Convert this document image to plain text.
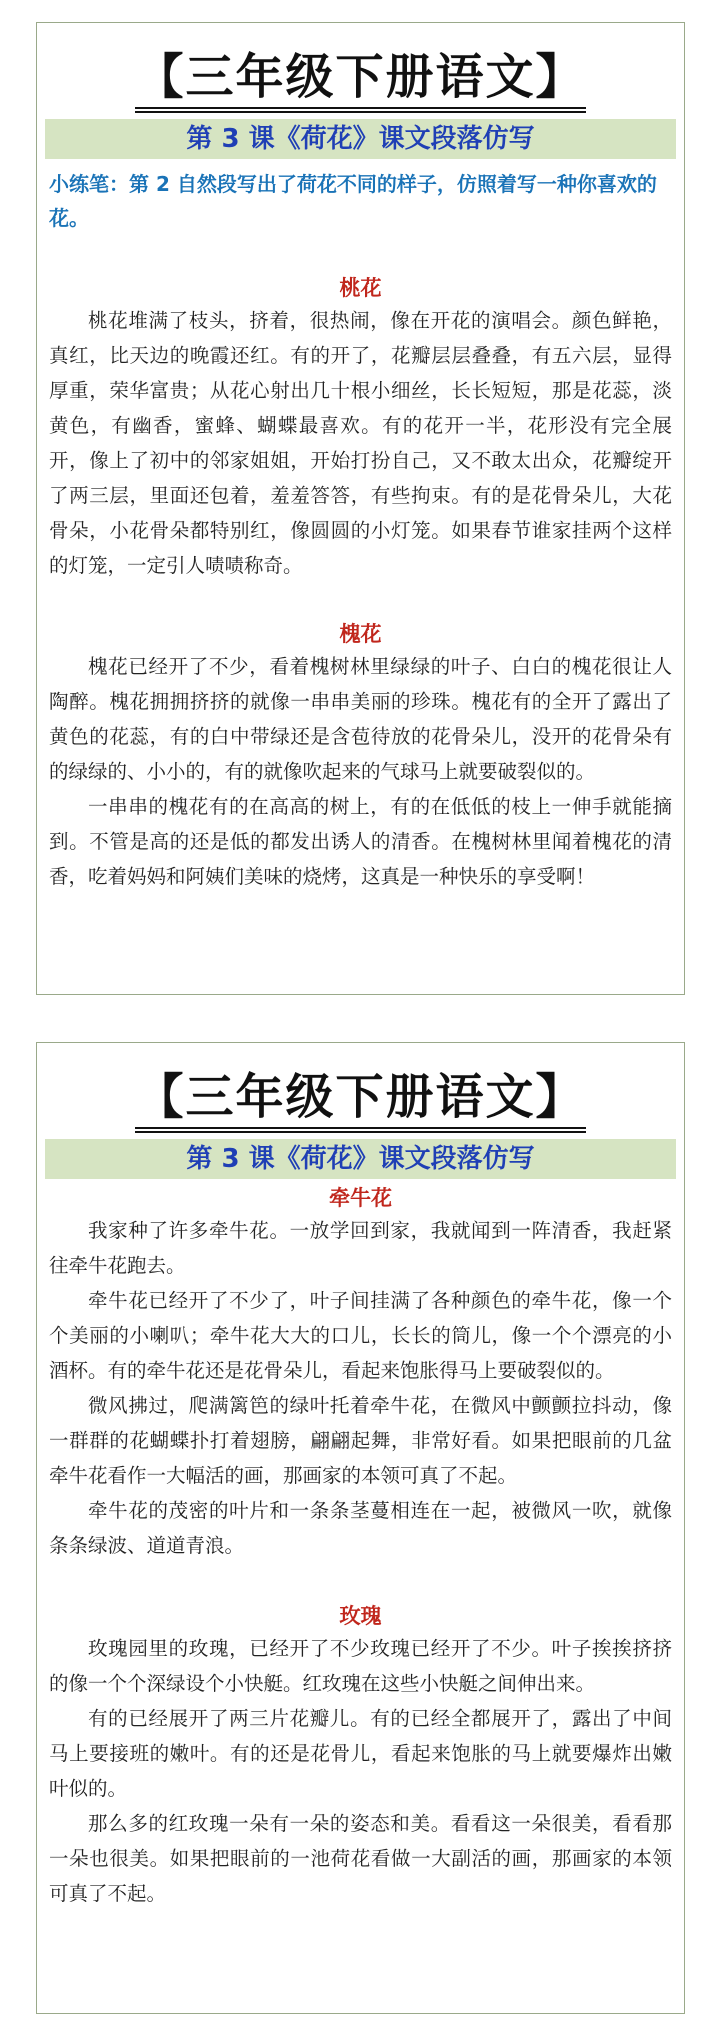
【三年级下册语文】
第 3 课《荷花》课文段落仿写
小练笔：第 2 自然段写出了荷花不同的样子，仿照着写一种你喜欢的花。
桃花
桃花堆满了枝头，挤着，很热闹，像在开花的演唱会。颜色鲜艳，真红，比天边的晚霞还红。有的开了，花瓣层层叠叠，有五六层，显得厚重，荣华富贵；从花心射出几十根小细丝，长长短短，那是花蕊，淡黄色，有幽香，蜜蜂、蝴蝶最喜欢。有的花开一半，花形没有完全展开，像上了初中的邻家姐姐，开始打扮自己，又不敢太出众，花瓣绽开了两三层，里面还包着，羞羞答答，有些拘束。有的是花骨朵儿，大花骨朵，小花骨朵都特别红，像圆圆的小灯笼。如果春节谁家挂两个这样的灯笼，一定引人啧啧称奇。
槐花
槐花已经开了不少，看着槐树林里绿绿的叶子、白白的槐花很让人陶醉。槐花拥拥挤挤的就像一串串美丽的珍珠。槐花有的全开了露出了黄色的花蕊，有的白中带绿还是含苞待放的花骨朵儿，没开的花骨朵有的绿绿的、小小的，有的就像吹起来的气球马上就要破裂似的。
一串串的槐花有的在高高的树上，有的在低低的枝上一伸手就能摘到。不管是高的还是低的都发出诱人的清香。在槐树林里闻着槐花的清香，吃着妈妈和阿姨们美味的烧烤，这真是一种快乐的享受啊！
【三年级下册语文】
第 3 课《荷花》课文段落仿写
牵牛花
我家种了许多牵牛花。一放学回到家，我就闻到一阵清香，我赶紧往牵牛花跑去。
牵牛花已经开了不少了，叶子间挂满了各种颜色的牵牛花，像一个个美丽的小喇叭；牵牛花大大的口儿，长长的筒儿，像一个个漂亮的小酒杯。有的牵牛花还是花骨朵儿，看起来饱胀得马上要破裂似的。
微风拂过，爬满篱笆的绿叶托着牵牛花，在微风中颤颤拉抖动，像一群群的花蝴蝶扑打着翅膀，翩翩起舞，非常好看。如果把眼前的几盆牵牛花看作一大幅活的画，那画家的本领可真了不起。
牵牛花的茂密的叶片和一条条茎蔓相连在一起，被微风一吹，就像条条绿波、道道青浪。
玫瑰
玫瑰园里的玫瑰，已经开了不少玫瑰已经开了不少。叶子挨挨挤挤的像一个个深绿设个小快艇。红玫瑰在这些小快艇之间伸出来。
有的已经展开了两三片花瓣儿。有的已经全都展开了，露出了中间马上要接班的嫩叶。有的还是花骨儿，看起来饱胀的马上就要爆炸出嫩叶似的。
那么多的红玫瑰一朵有一朵的姿态和美。看看这一朵很美，看看那一朵也很美。如果把眼前的一池荷花看做一大副活的画，那画家的本领可真了不起。
